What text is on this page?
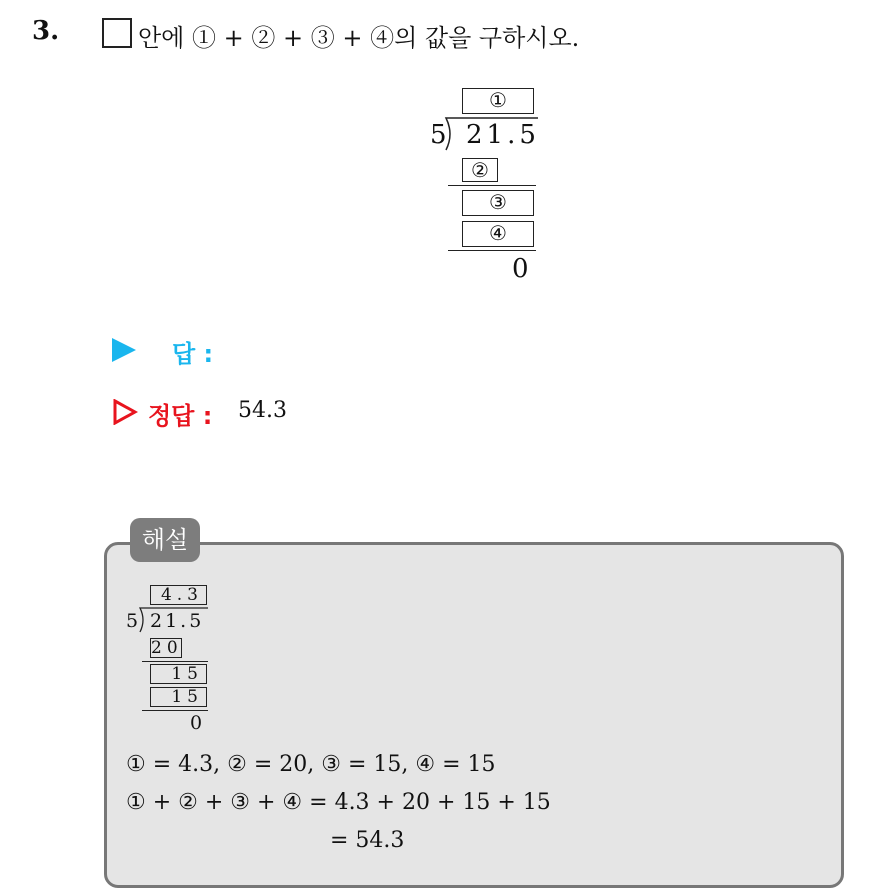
3.	안에 ① + ② + ③ + ④의 값을 구하시오.
①
5 21.5
②
③
④
0
답 :
정답 : 54.3
해설
4.3
5 21.5
20
15
15
0
① = 4.3, ② = 20, ③ = 15, ④ = 15
① + ② + ③ + ④ = 4.3 + 20 + 15 + 15
= 54.3
